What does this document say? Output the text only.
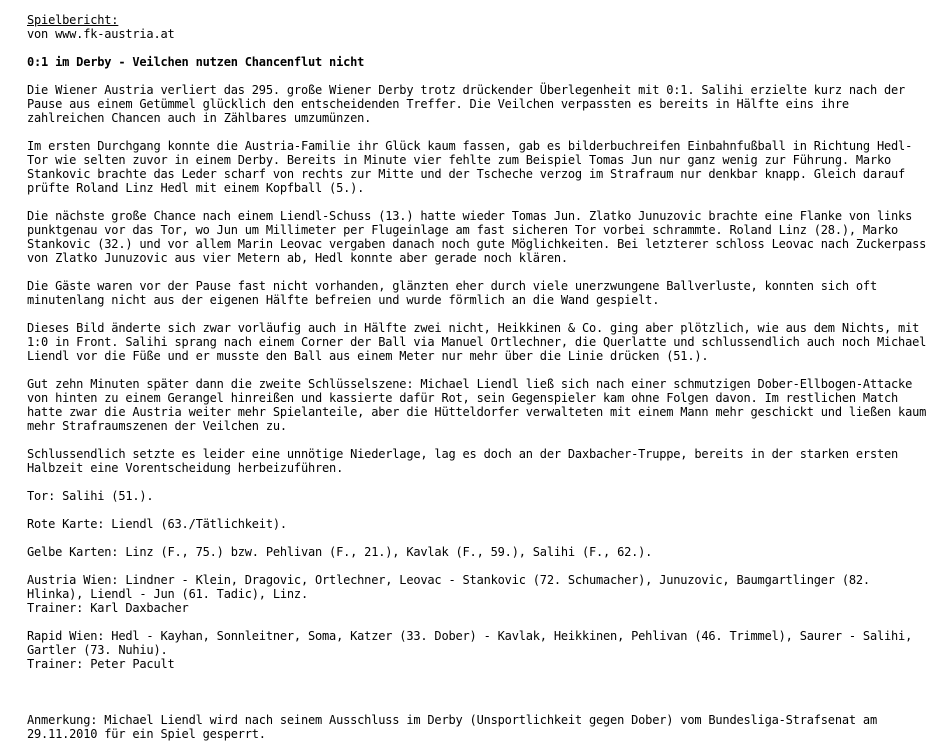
Spielbericht:
von www.fk-austria.at
0:1 im Derby - Veilchen nutzen Chancenflut nicht

Die Wiener Austria verliert das 295. große Wiener Derby trotz drückender Überlegenheit mit 0:1. Salihi erzielte kurz nach der Pause aus einem Getümmel glücklich den entscheidenden Treffer. Die Veilchen verpassten es bereits in Hälfte eins ihre zahlreichen Chancen auch in Zählbares umzumünzen.

Im ersten Durchgang konnte die Austria-Familie ihr Glück kaum fassen, gab es bilderbuchreifen Einbahnfußball in Richtung Hedl-Tor wie selten zuvor in einem Derby. Bereits in Minute vier fehlte zum Beispiel Tomas Jun nur ganz wenig zur Führung. Marko Stankovic brachte das Leder scharf von rechts zur Mitte und der Tscheche verzog im Strafraum nur denkbar knapp. Gleich darauf prüfte Roland Linz Hedl mit einem Kopfball (5.).

Die nächste große Chance nach einem Liendl-Schuss (13.) hatte wieder Tomas Jun. Zlatko Junuzovic brachte eine Flanke von links punktgenau vor das Tor, wo Jun um Millimeter per Flugeinlage am fast sicheren Tor vorbei schrammte. Roland Linz (28.), Marko Stankovic (32.) und vor allem Marin Leovac vergaben danach noch gute Möglichkeiten. Bei letzterer schloss Leovac nach Zuckerpass von Zlatko Junuzovic aus vier Metern ab, Hedl konnte aber gerade noch klären.

Die Gäste waren vor der Pause fast nicht vorhanden, glänzten eher durch viele unerzwungene Ballverluste, konnten sich oft minutenlang nicht aus der eigenen Hälfte befreien und wurde förmlich an die Wand gespielt.

Dieses Bild änderte sich zwar vorläufig auch in Hälfte zwei nicht, Heikkinen & Co. ging aber plötzlich, wie aus dem Nichts, mit 1:0 in Front. Salihi sprang nach einem Corner der Ball via Manuel Ortlechner, die Querlatte und schlussendlich auch noch Michael Liendl vor die Füße und er musste den Ball aus einem Meter nur mehr über die Linie drücken (51.).

Gut zehn Minuten später dann die zweite Schlüsselszene: Michael Liendl ließ sich nach einer schmutzigen Dober-Ellbogen-Attacke von hinten zu einem Gerangel hinreißen und kassierte dafür Rot, sein Gegenspieler kam ohne Folgen davon. Im restlichen Match hatte zwar die Austria weiter mehr Spielanteile, aber die Hütteldorfer verwalteten mit einem Mann mehr geschickt und ließen kaum mehr Strafraumszenen der Veilchen zu.

Schlussendlich setzte es leider eine unnötige Niederlage, lag es doch an der Daxbacher-Truppe, bereits in der starken ersten Halbzeit eine Vorentscheidung herbeizuführen.

Tor: Salihi (51.).

Rote Karte: Liendl (63./Tätlichkeit).

Gelbe Karten: Linz (F., 75.) bzw. Pehlivan (F., 21.), Kavlak (F., 59.), Salihi (F., 62.).

Austria Wien: Lindner - Klein, Dragovic, Ortlechner, Leovac - Stankovic (72. Schumacher), Junuzovic, Baumgartlinger (82. Hlinka), Liendl - Jun (61. Tadic), Linz.
Trainer: Karl Daxbacher
Rapid Wien: Hedl - Kayhan, Sonnleitner, Soma, Katzer (33. Dober) - Kavlak, Heikkinen, Pehlivan (46. Trimmel), Saurer - Salihi, Gartler (73. Nuhiu).
Trainer: Peter Pacult

Anmerkung: Michael Liendl wird nach seinem Ausschluss im Derby (Unsportlichkeit gegen Dober) vom Bundesliga-Strafsenat am 29.11.2010 für ein Spiel gesperrt.
